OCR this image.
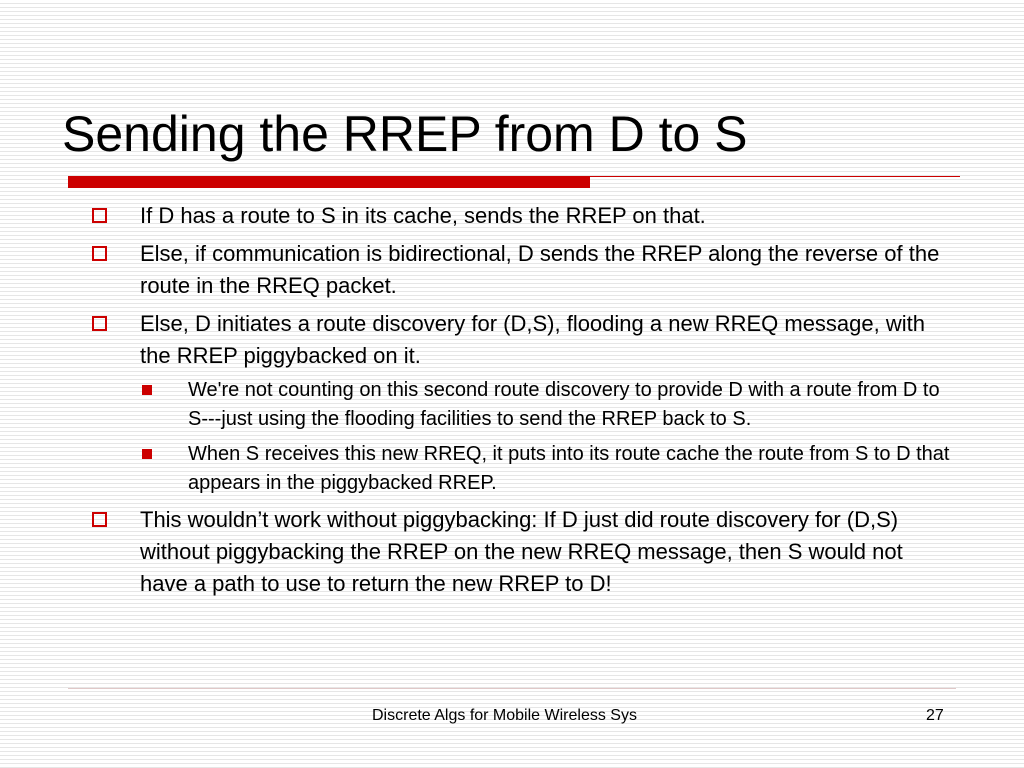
Sending the RREP from D to S
If D has a route to S in its cache, sends the RREP on that.
Else, if communication is bidirectional, D sends the RREP along the reverse of the route in the RREQ packet.
Else, D initiates a route discovery for (D,S), flooding a new RREQ message, with the RREP piggybacked on it.
We're not counting on this second route discovery to provide D with a route from D to S---just using the flooding facilities to send the RREP back to S.
When S receives this new RREQ, it puts into its route cache the route from S to D that appears in the piggybacked RREP.
This wouldn’t work without piggybacking: If D just did route discovery for (D,S) without piggybacking the RREP on the new RREQ message, then S would not have a path to use to return the new RREP to D!
Discrete Algs for Mobile Wireless Sys	27
